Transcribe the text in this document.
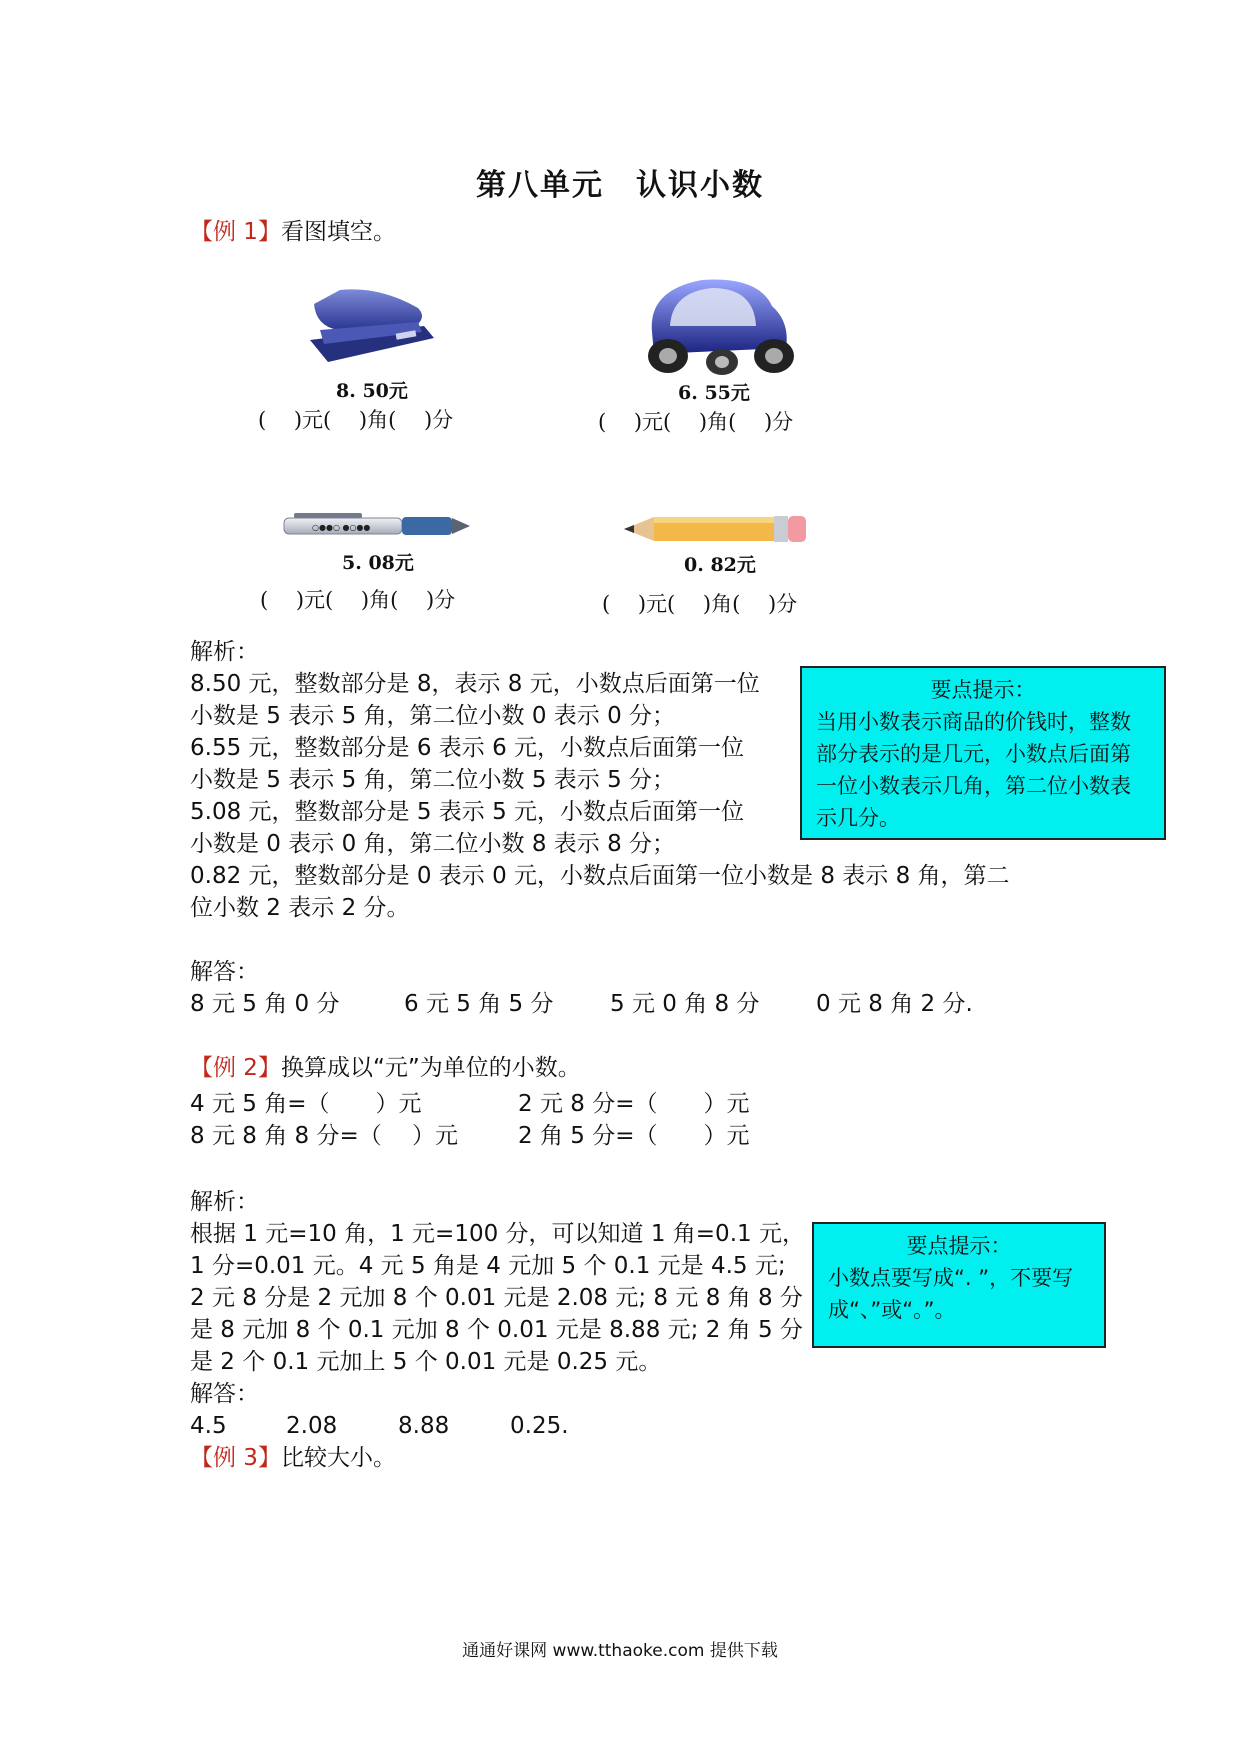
第八单元　认识小数
【例 1】看图填空。
8. 50元
(　 )元(　 )角(　 )分
6. 55元
(　 )元(　 )角(　 )分
○●●○ ●○●●
5. 08元
(　 )元(　 )角(　 )分
0. 82元
(　 )元(　 )角(　 )分
解析：
8.50 元，整数部分是 8，表示 8 元，小数点后面第一位
小数是 5 表示 5 角，第二位小数 0 表示 0 分；
6.55 元，整数部分是 6 表示 6 元，小数点后面第一位
小数是 5 表示 5 角，第二位小数 5 表示 5 分；
5.08 元，整数部分是 5 表示 5 元，小数点后面第一位
小数是 0 表示 0 角，第二位小数 8 表示 8 分；
0.82 元，整数部分是 0 表示 0 元，小数点后面第一位小数是 8 表示 8 角，第二
位小数 2 表示 2 分。
要点提示：
当用小数表示商品的价钱时，整数
部分表示的是几元，小数点后面第
一位小数表示几角，第二位小数表
示几分。
解答：
8 元 5 角 0 分	6 元 5 角 5 分 5 元 0 角 8 分 0 元 8 角 2 分.
【例 2】换算成以“元”为单位的小数。
4 元 5 角=（　　）元	2 元 8 分=（　　）元
8 元 8 角 8 分=（　 ）元	2 角 5 分=（　　）元
解析：
根据 1 元=10 角，1 元=100 分，可以知道 1 角=0.1 元，
1 分=0.01 元。4 元 5 角是 4 元加 5 个 0.1 元是 4.5 元;
2 元 8 分是 2 元加 8 个 0.01 元是 2.08 元; 8 元 8 角 8 分
是 8 元加 8 个 0.1 元加 8 个 0.01 元是 8.88 元; 2 角 5 分
是 2 个 0.1 元加上 5 个 0.01 元是 0.25 元。
要点提示：
小数点要写成“. ”，不要写
成“、”或“。”。
解答：
4.5	2.08	8.88	0.25.
【例 3】比较大小。
通通好课网 www.tthaoke.com 提供下载
